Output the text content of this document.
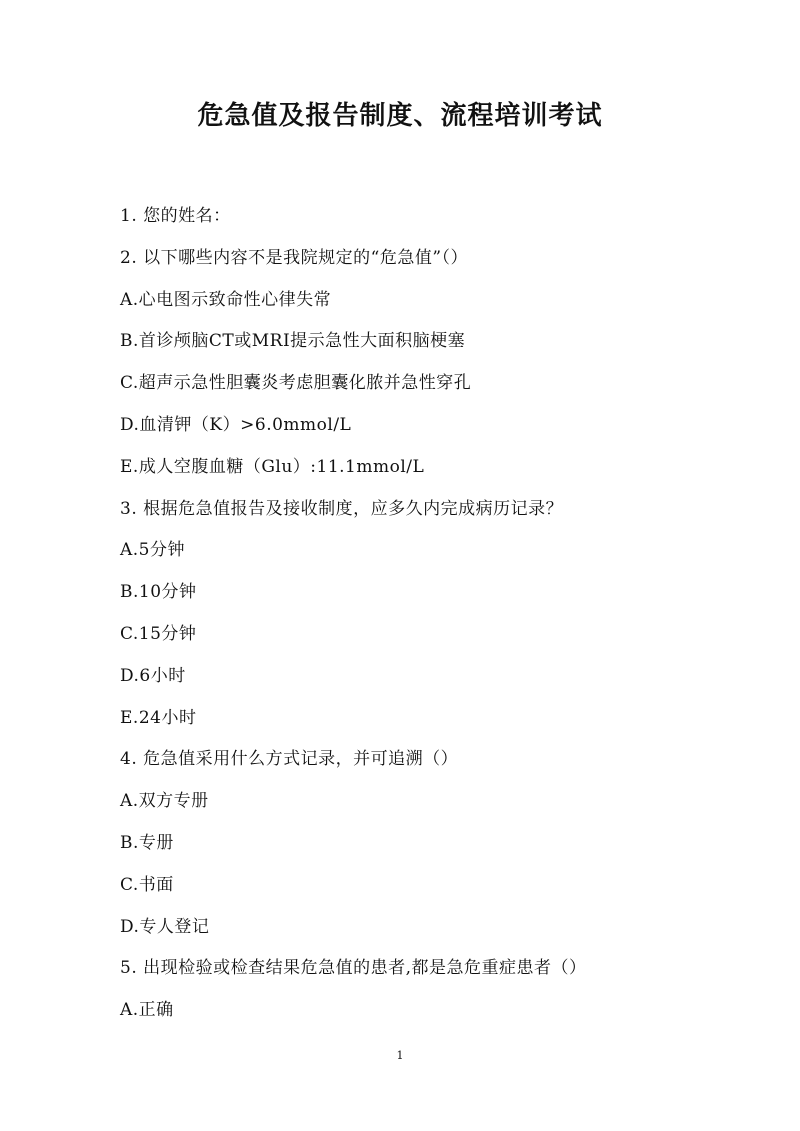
危急值及报告制度、流程培训考试
1. 您的姓名：
2. 以下哪些内容不是我院规定的“危急值”（）
A.心电图示致命性心律失常
B.首诊颅脑CT或MRI提示急性大面积脑梗塞
C.超声示急性胆囊炎考虑胆囊化脓并急性穿孔
D.血清钾（K）>6.0mmol/L
E.成人空腹血糖（Glu）:11.1mmol/L
3. 根据危急值报告及接收制度，应多久内完成病历记录？
A.5分钟
B.10分钟
C.15分钟
D.6小时
E.24小时
4. 危急值采用什么方式记录，并可追溯（）
A.双方专册
B.专册
C.书面
D.专人登记
5. 出现检验或检查结果危急值的患者,都是急危重症患者（）
A.正确
1
